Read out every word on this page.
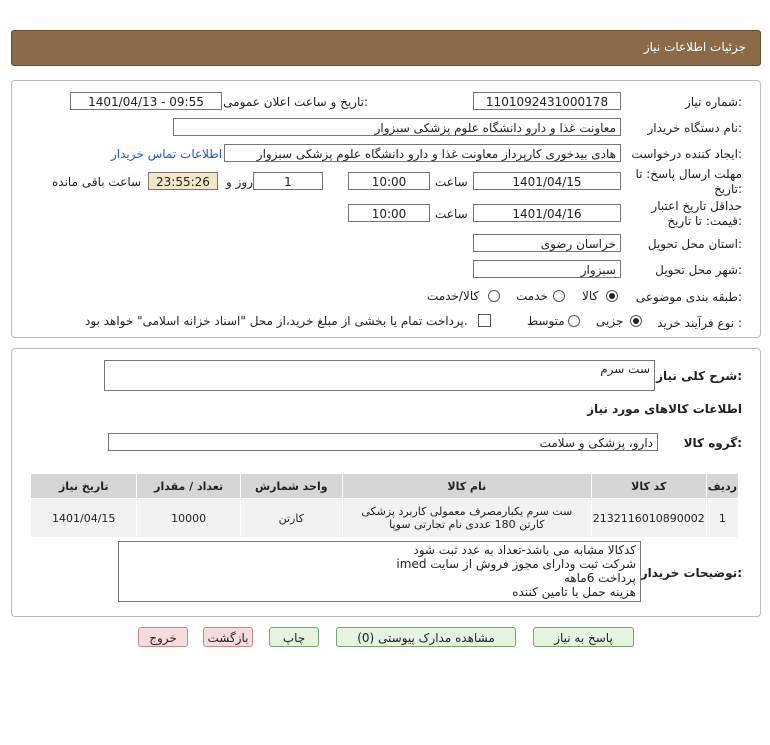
جزئیات اطلاعات نیاز
شماره نیاز:
1101092431000178
تاریخ و ساعت اعلان عمومی:
1401/04/13 - 09:55
نام دستگاه خریدار:
معاونت غذا و دارو دانشگاه علوم پزشکی سبزوار
ایجاد کننده درخواست:
هادی بیدخوری کارپرداز معاونت غذا و دارو دانشگاه علوم پزشکی سبزوار
اطلاعات تماس خریدار
مهلت ارسال پاسخ: تا
تاریخ:
1401/04/15
ساعت
10:00
1
روز و
23:55:26
ساعت باقی مانده
حداقل تاریخ اعتبار
قیمت: تا تاریخ:
1401/04/16
ساعت
10:00
استان محل تحویل:
خراسان رضوی
شهر محل تحویل:
سبزوار
طبقه بندی موضوعی:
کالا
خدمت
کالا/خدمت
نوع فرآیند خرید :
جزیی
متوسط
پرداخت تمام یا بخشی از مبلغ خرید،از محل "اسناد خزانه اسلامی" خواهد بود.
شرح کلی نیاز:
ست سرم
اطلاعات کالاهای مورد نیاز
گروه کالا:
دارو، پزشکی و سلامت
ردیف	کد کالا	نام کالا	واحد شمارش	تعداد / مقدار	تاریخ نیاز
1	2132116010890002	ست سرم یکبارمصرف معمولی کاربرد پزشکی کارتن 180 عددی نام تجارتی سوپا	کارتن	10000	1401/04/15
توضیحات خریدار:
کدکالا مشابه می باشد-تعداد به عدد ثبت شود
شرکت ثبت ودارای مجوز فروش از سایت imed
پرداخت 6ماهه
هزینه حمل با تامین کننده
پاسخ به نیاز
مشاهده مدارک پیوستی (0)
چاپ
بازگشت
خروج
